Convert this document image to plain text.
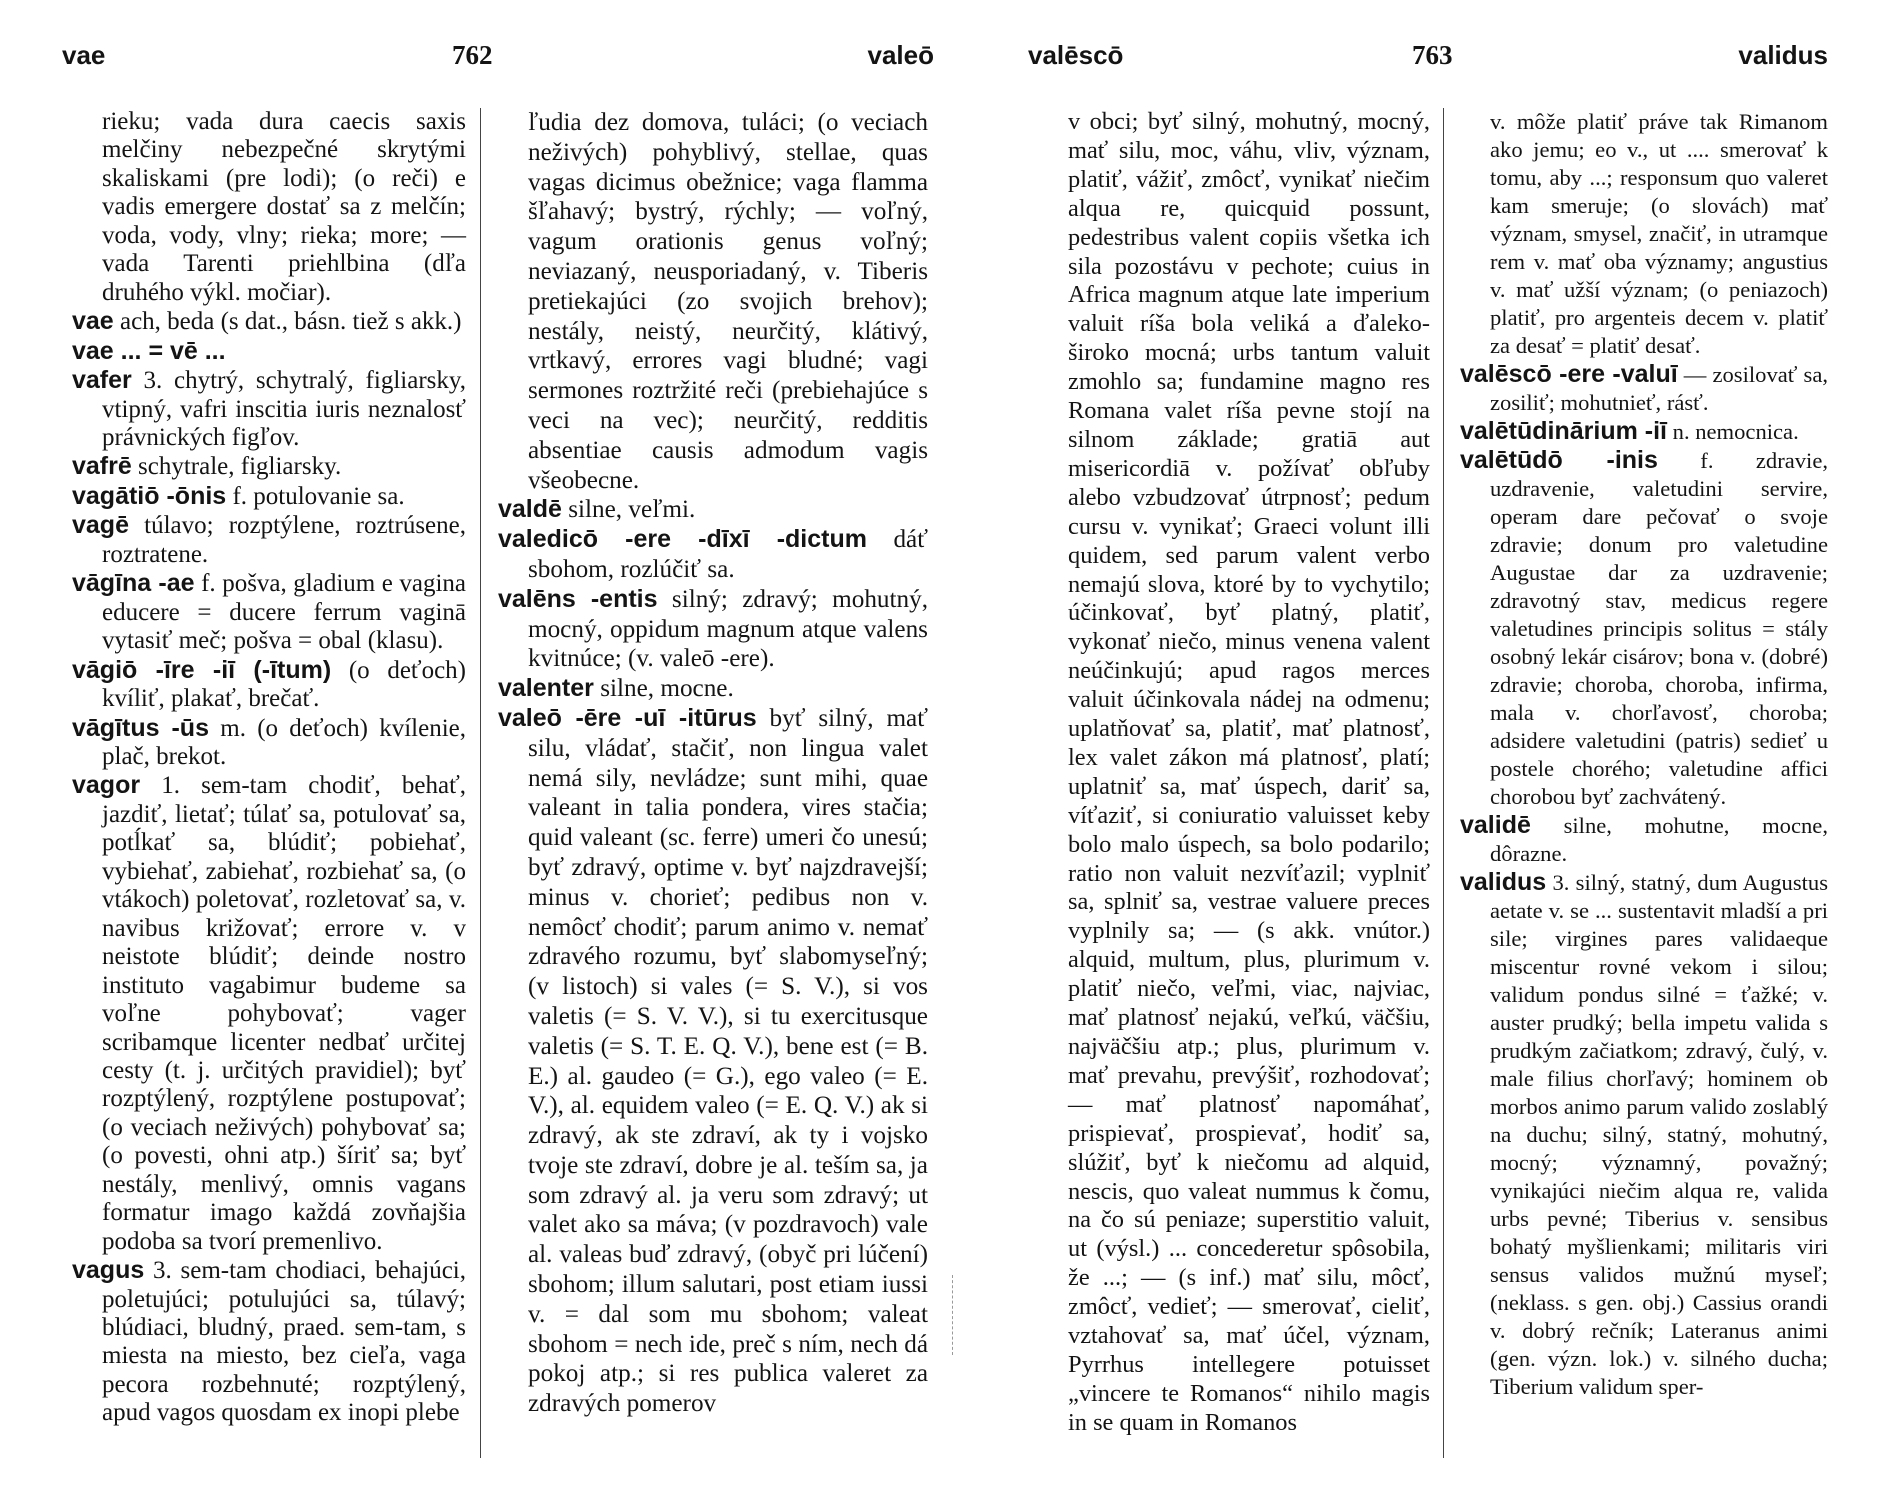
vae	762	valeō

rieku; vada dura caecis saxis melčiny nebezpečné skrytými skaliskami (pre lodi); (o reči) e vadis emergere dostať sa z melčín; voda, vody, vlny; rieka; more; — vada Tarenti priehlbina (dľa druhého výkl. močiar).

vae ach, beda (s dat., básn. tiež s akk.)

vae ... = vē ...

vafer 3. chytrý, schytralý, figliarsky, vtipný, vafri inscitia iuris neznalosť právnických figľov.

vafrē schytrale, figliarsky.

vagātiō -ōnis f. potulovanie sa.

vagē túlavo; rozptýlene, roztrúsene, roztratene.

vāgīna -ae f. pošva, gladium e vagina educere = ducere ferrum vaginā vytasiť meč; pošva = obal (klasu).

vāgiō -īre -iī (-ītum) (o deťoch) kvíliť, plakať, brečať.

vāgītus -ūs m. (o deťoch) kvílenie, plač, brekot.

vagor 1. sem-tam chodiť, behať, jazdiť, lietať; túlať sa, potulovať sa, potĺkať sa, blúdiť; pobiehať, vybiehať, zabiehať, rozbiehať sa, (o vtákoch) poletovať, rozletovať sa, v. navibus križovať; errore v. v neistote blúdiť; deinde nostro instituto vagabimur budeme sa voľne pohybovať; vager scribamque licenter nedbať určitej cesty (t. j. určitých pravidiel); byť rozptýlený, rozptýlene postupovať; (o veciach neživých) pohybovať sa; (o povesti, ohni atp.) šíriť sa; byť nestály, menlivý, omnis vagans formatur imago každá zovňajšia podoba sa tvorí premenlivo.

vagus 3. sem-tam chodiaci, behajúci, poletujúci; potulujúci sa, túlavý; blúdiaci, bludný, praed. sem-tam, s miesta na miesto, bez cieľa, vaga pecora rozbehnuté; rozptýlený, apud vagos quosdam ex inopi plebe

ľudia dez domova, tuláci; (o veciach neživých) pohyblivý, stellae, quas vagas dicimus obežnice; vaga flamma šľahavý; bystrý, rýchly; — voľný, vagum orationis genus voľný; neviazaný, neusporiadaný, v. Tiberis pretiekajúci (zo svojich brehov); nestály, neistý, neurčitý, klátivý, vrtkavý, errores vagi bludné; vagi sermones roztržité reči (prebiehajúce s veci na vec); neurčitý, redditis absentiae causis admodum vagis všeobecne.

valdē silne, veľmi.

valedicō -ere -dīxī -dictum dáť sbohom, rozlúčiť sa.

valēns -entis silný; zdravý; mohutný, mocný, oppidum magnum atque valens kvitnúce; (v. valeō -ere).

valenter silne, mocne.

valeō -ēre -uī -itūrus byť silný, mať silu, vládať, stačiť, non lingua valet nemá sily, nevládze; sunt mihi, quae valeant in talia pondera, vires stačia; quid valeant (sc. ferre) umeri čo unesú; byť zdravý, optime v. byť najzdravejší; minus v. chorieť; pedibus non v. nemôcť chodiť; parum animo v. nemať zdravého rozumu, byť slabomyseľný; (v listoch) si vales (= S. V.), si vos valetis (= S. V. V.), si tu exercitusque valetis (= S. T. E. Q. V.), bene est (= B. E.) al. gaudeo (= G.), ego valeo (= E. V.), al. equidem valeo (= E. Q. V.) ak si zdravý, ak ste zdraví, ak ty i vojsko tvoje ste zdraví, dobre je al. teším sa, ja som zdravý al. ja veru som zdravý; ut valet ako sa máva; (v pozdravoch) vale al. valeas buď zdravý, (obyč pri lúčení) sbohom; illum salutari, post etiam iussi v. = dal som mu sbohom; valeat sbohom = nech ide, preč s ním, nech dá pokoj atp.; si res publica valeret za zdravých pomerov

valēscō	763	validus

v obci; byť silný, mohutný, mocný, mať silu, moc, váhu, vliv, význam, platiť, vážiť, zmôcť, vynikať niečim alqua re, quicquid possunt, pedestribus valent copiis všetka ich sila pozostávu v pechote; cuius in Africa magnum atque late imperium valuit ríša bola veliká a ďaleko-široko mocná; urbs tantum valuit zmohlo sa; fundamine magno res Romana valet ríša pevne stojí na silnom základe; gratiā aut misericordiā v. požívať obľuby alebo vzbudzovať útrpnosť; pedum cursu v. vynikať; Graeci volunt illi quidem, sed parum valent verbo nemajú slova, ktoré by to vychytilo; účinkovať, byť platný, platiť, vykonať niečo, minus venena valent neúčinkujú; apud ragos merces valuit účinkovala nádej na odmenu; uplatňovať sa, platiť, mať platnosť, lex valet zákon má platnosť, platí; uplatniť sa, mať úspech, dariť sa, víťaziť, si coniuratio valuisset keby bolo malo úspech, sa bolo podarilo; ratio non valuit nezvíťazil; vyplniť sa, splniť sa, vestrae valuere preces vyplnily sa; — (s akk. vnútor.) alquid, multum, plus, plurimum v. platiť niečo, veľmi, viac, najviac, mať platnosť nejakú, veľkú, väčšiu, najväčšiu atp.; plus, plurimum v. mať prevahu, prevýšiť, rozhodovať; — mať platnosť napomáhať, prispievať, prospievať, hodiť sa, slúžiť, byť k niečomu ad alquid, nescis, quo valeat nummus k čomu, na čo sú peniaze; superstitio valuit, ut (výsl.) ... concederetur spôsobila, že ...; — (s inf.) mať silu, môcť, zmôcť, vedieť; — smerovať, cieliť, vztahovať sa, mať účel, význam, Pyrrhus intellegere potuisset „vincere te Romanos“ nihilo magis in se quam in Romanos

v. môže platiť práve tak Rimanom ako jemu; eo v., ut .... smerovať k tomu, aby ...; responsum quo valeret kam smeruje; (o slovách) mať význam, smysel, značiť, in utramque rem v. mať oba významy; angustius v. mať užší význam; (o peniazoch) platiť, pro argenteis decem v. platiť za desať = platiť desať.

valēscō -ere -valuī — zosilovať sa, zosiliť; mohutnieť, rásť.

valētūdinārium -iī n. nemocnica.

valētūdō -inis f. zdravie, uzdravenie, valetudini servire, operam dare pečovať o svoje zdravie; donum pro valetudine Augustae dar za uzdravenie; zdravotný stav, medicus regere valetudines principis solitus = stály osobný lekár cisárov; bona v. (dobré) zdravie; choroba, choroba, infirma, mala v. chorľavosť, choroba; adsidere valetudini (patris) sedieť u postele chorého; valetudine affici chorobou byť zachvátený.

validē silne, mohutne, mocne, dôrazne.

validus 3. silný, statný, dum Augustus aetate v. se ... sustentavit mladší a pri sile; virgines pares validaeque miscentur rovné vekom i silou; validum pondus silné = ťažké; v. auster prudký; bella impetu valida s prudkým začiatkom; zdravý, čulý, v. male filius chorľavý; hominem ob morbos animo parum valido zoslablý na duchu; silný, statný, mohutný, mocný; významný, považný; vynikajúci niečim alqua re, valida urbs pevné; Tiberius v. sensibus bohatý myšlienkami; militaris viri sensus validos mužnú myseľ; (neklass. s gen. obj.) Cassius orandi v. dobrý rečník; Lateranus animi (gen. význ. lok.) v. silného ducha; Tiberium validum sper-
